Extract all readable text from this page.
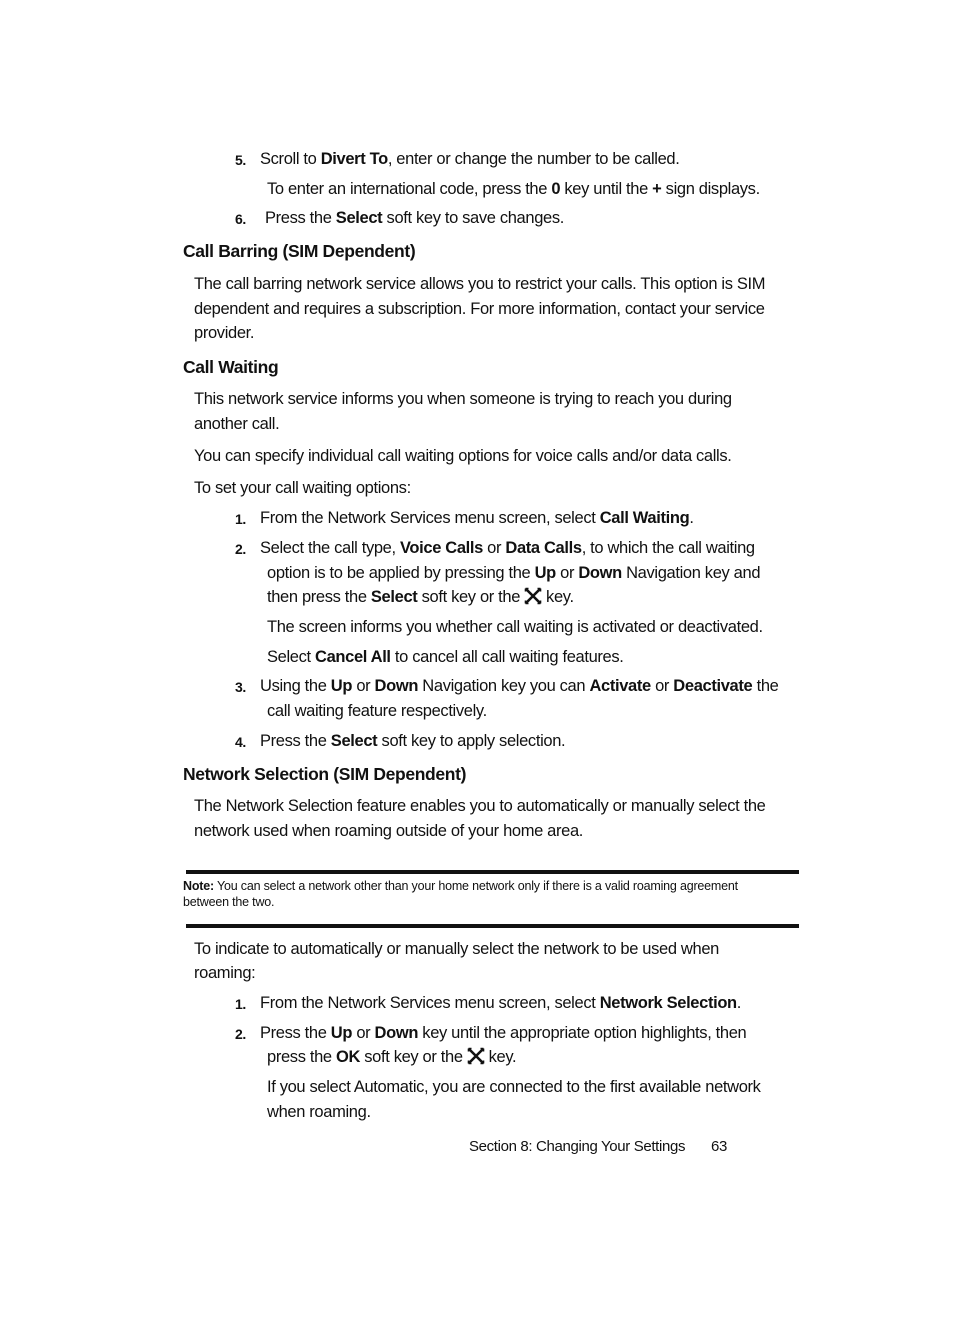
5. Scroll to Divert To, enter or change the number to be called.
To enter an international code, press the 0 key until the + sign displays.
6. Press the Select soft key to save changes.
Call Barring (SIM Dependent)
The call barring network service allows you to restrict your calls. This option is SIM
dependent and requires a subscription. For more information, contact your service
provider.
Call Waiting
This network service informs you when someone is trying to reach you during
another call.
You can specify individual call waiting options for voice calls and/or data calls.
To set your call waiting options:
1. From the Network Services menu screen, select Call Waiting.
2. Select the call type, Voice Calls or Data Calls, to which the call waiting
option is to be applied by pressing the Up or Down Navigation key and
then press the Select soft key or the key.
The screen informs you whether call waiting is activated or deactivated.
Select Cancel All to cancel all call waiting features.
3. Using the Up or Down Navigation key you can Activate or Deactivate the
call waiting feature respectively.
4. Press the Select soft key to apply selection.
Network Selection (SIM Dependent)
The Network Selection feature enables you to automatically or manually select the
network used when roaming outside of your home area.
Note: You can select a network other than your home network only if there is a valid roaming agreement
between the two.
To indicate to automatically or manually select the network to be used when
roaming:
1. From the Network Services menu screen, select Network Selection.
2. Press the Up or Down key until the appropriate option highlights, then
press the OK soft key or the key.
If you select Automatic, you are connected to the first available network
when roaming.
Section 8: Changing Your Settings 63
